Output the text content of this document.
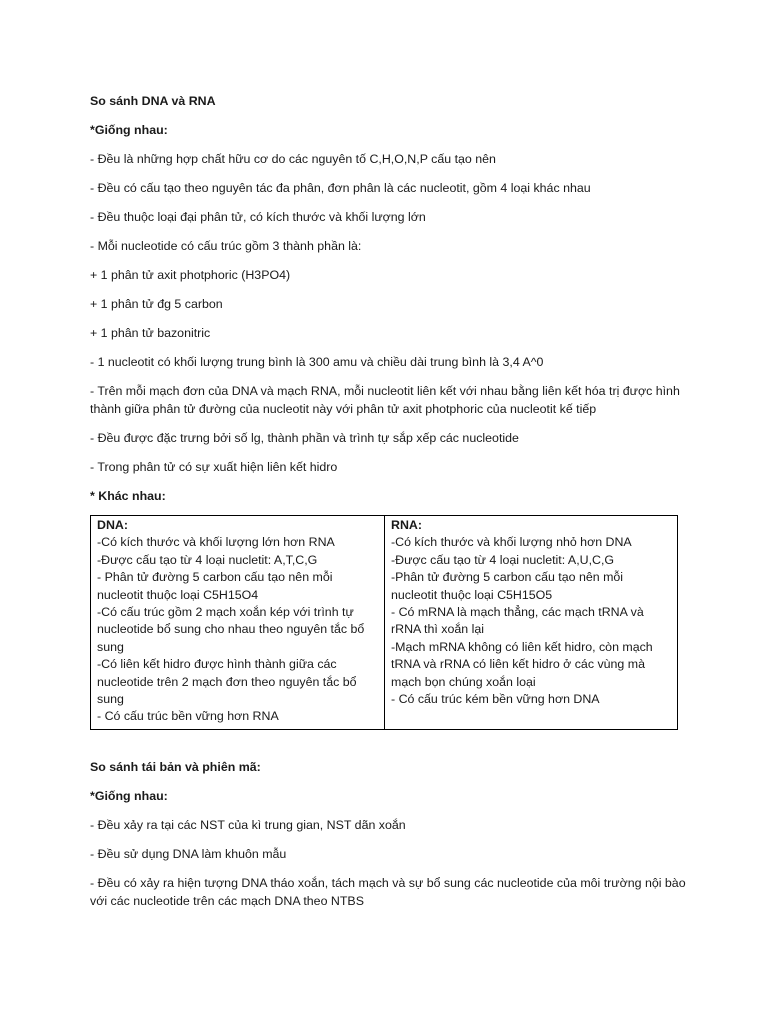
So sánh DNA và RNA

*Giống nhau:

- Đều là những hợp chất hữu cơ do các nguyên tố C,H,O,N,P cấu tạo nên

- Đều có cấu tạo theo nguyên tác đa phân, đơn phân là các nucleotit, gồm 4 loại khác nhau

- Đều thuộc loại đại phân tử, có kích thước và khối lượng lớn

- Mỗi nucleotide có cấu trúc gồm 3 thành phần là:

+ 1 phân tử axit photphoric (H3PO4)

+ 1 phân tử đg 5 carbon

+ 1 phân tử bazonitric

- 1 nucleotit có khối lượng trung bình là 300 amu và chiều dài trung bình là 3,4 A^0

- Trên mỗi mạch đơn của DNA và mạch RNA, mỗi nucleotit liên kết với nhau bằng liên kết hóa trị được hình thành giữa phân tử đường của nucleotit này với phân tử axit photphoric của nucleotit kế tiếp

- Đều được đặc trưng bởi số lg, thành phần và trình tự sắp xếp các nucleotide

- Trong phân tử có sự xuất hiện liên kết hidro

* Khác nhau:

DNA:
-Có kích thước và khối lượng lớn hơn RNA
-Được cấu tạo từ 4 loại nucletit: A,T,C,G
- Phân tử đường 5 carbon cấu tạo nên mỗi nucleotit thuộc loại C5H15O4
-Có cấu trúc gồm 2 mạch xoắn kép với trình tự nucleotide bổ sung cho nhau theo nguyên tắc bổ sung
-Có liên kết hidro được hình thành giữa các nucleotide trên 2 mạch đơn theo nguyên tắc bổ sung
- Có cấu trúc bền vững hơn RNA

RNA:
-Có kích thước và khối lượng nhỏ hơn DNA
-Được cấu tạo từ 4 loại nucletit: A,U,C,G
-Phân tử đường 5 carbon cấu tạo nên mỗi nucleotit thuộc loại C5H15O5
- Có mRNA là mạch thẳng, các mạch tRNA và rRNA thì xoắn lại
-Mạch mRNA không có liên kết hidro, còn mạch tRNA và rRNA có liên kết hidro ở các vùng mà mạch bọn chúng xoắn loại
- Có cấu trúc kém bền vững hơn DNA

So sánh tái bản và phiên mã:

*Giống nhau:

- Đều xảy ra tại các NST của kì trung gian, NST dãn xoắn

- Đều sử dụng DNA làm khuôn mẫu

- Đều có xảy ra hiện tượng DNA tháo xoắn, tách mạch và sự bổ sung các nucleotide của môi trường nội bào với các nucleotide trên các mạch DNA theo NTBS
